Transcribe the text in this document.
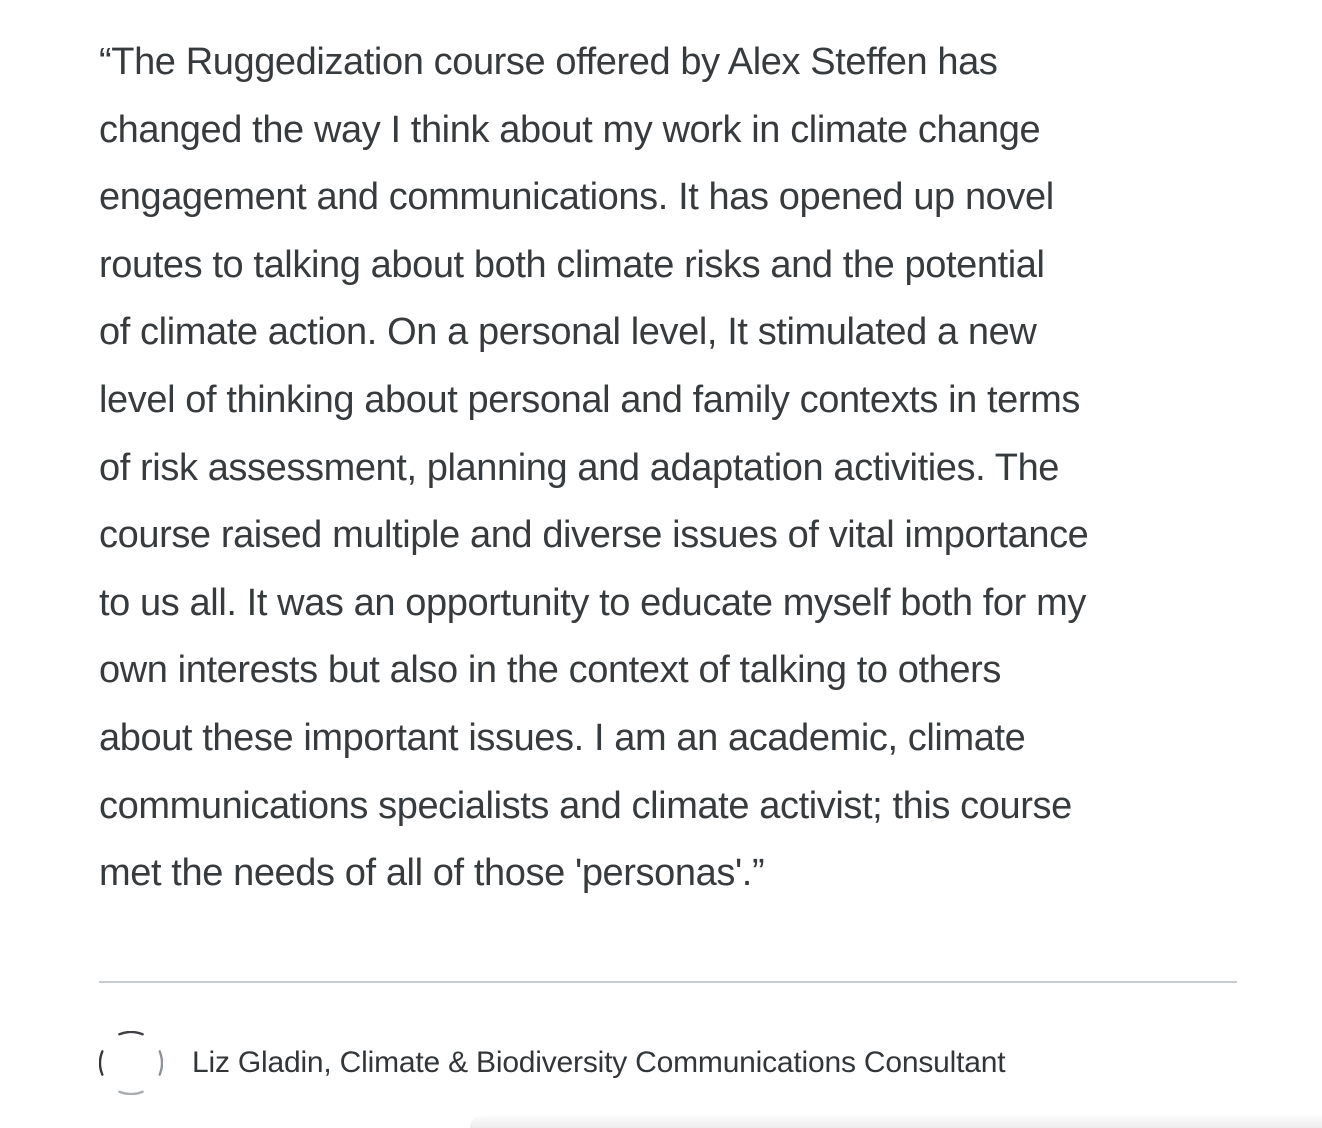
“The Ruggedization course offered by Alex Steffen has

changed the way I think about my work in climate change

engagement and communications. It has opened up novel

routes to talking about both climate risks and the potential

of climate action. On a personal level, It stimulated a new

level of thinking about personal and family contexts in terms

of risk assessment, planning and adaptation activities. The

course raised multiple and diverse issues of vital importance

to us all. It was an opportunity to educate myself both for my

own interests but also in the context of talking to others

about these important issues. I am an academic, climate

communications specialists and climate activist; this course

met the needs of all of those 'personas'.”

Liz Gladin, Climate & Biodiversity Communications Consultant
